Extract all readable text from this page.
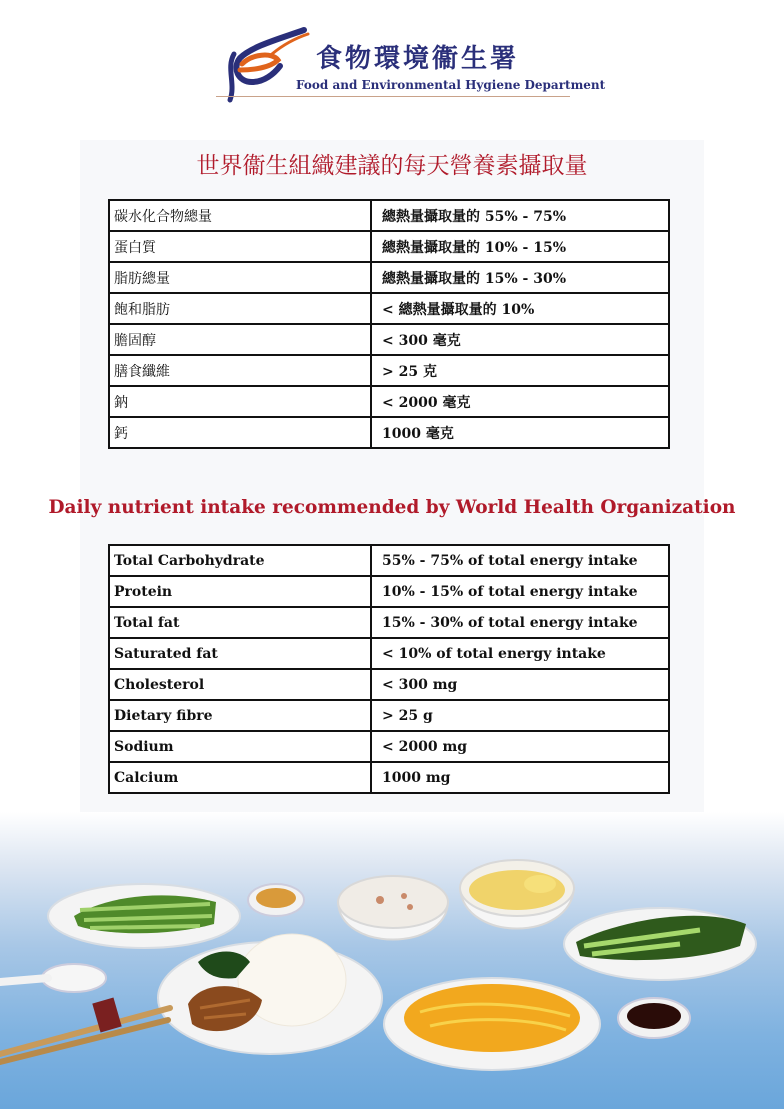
食物環境衞生署
Food and Environmental Hygiene Department
世界衞生組織建議的每天營養素攝取量
碳水化合物總量	總熱量攝取量的 55% - 75%
蛋白質	總熱量攝取量的 10% - 15%
脂肪總量	總熱量攝取量的 15% - 30%
飽和脂肪	< 總熱量攝取量的 10%
膽固醇	< 300 毫克
膳食纖維	> 25 克
鈉	< 2000 毫克
鈣	1000 毫克
Daily nutrient intake recommended by World Health Organization
Total Carbohydrate	55% - 75% of total energy intake
Protein	10% - 15% of total energy intake
Total fat	15% - 30% of total energy intake
Saturated fat	< 10% of total energy intake
Cholesterol	< 300 mg
Dietary fibre	> 25 g
Sodium	< 2000 mg
Calcium	1000 mg
